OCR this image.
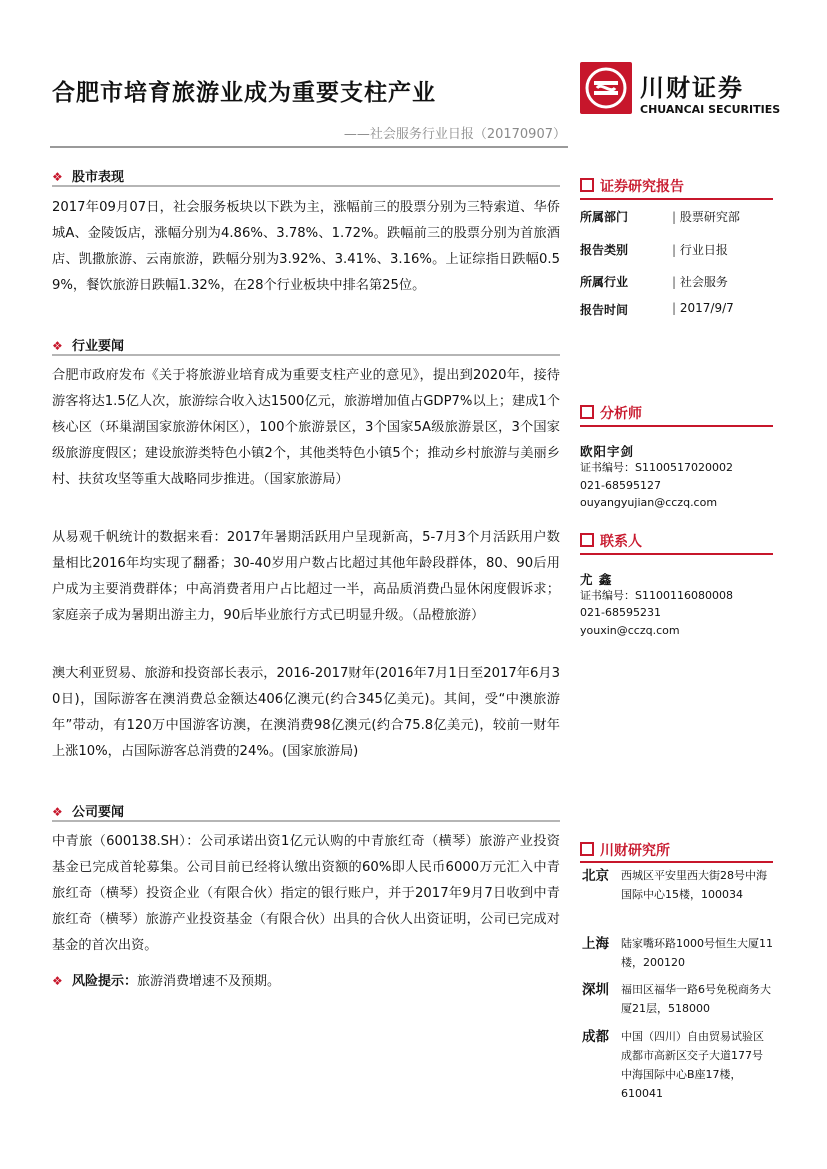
合肥市培育旅游业成为重要支柱产业
——社会服务行业日报（20170907）
川财证券
CHUANCAI SECURITIES
❖ 股市表现
2017年09月07日，社会服务板块以下跌为主，涨幅前三的股票分别为三特索道、华侨城A、金陵饭店，涨幅分别为4.86%、3.78%、1.72%。跌幅前三的股票分别为首旅酒店、凯撒旅游、云南旅游，跌幅分别为3.92%、3.41%、3.16%。上证综指日跌幅0.59%，餐饮旅游日跌幅1.32%，在28个行业板块中排名第25位。
❖ 行业要闻
合肥市政府发布《关于将旅游业培育成为重要支柱产业的意见》，提出到2020年，接待游客将达1.5亿人次，旅游综合收入达1500亿元，旅游增加值占GDP7%以上；建成1个核心区（环巢湖国家旅游休闲区），100个旅游景区，3个国家5A级旅游景区，3个国家级旅游度假区；建设旅游类特色小镇2个，其他类特色小镇5个；推动乡村旅游与美丽乡村、扶贫攻坚等重大战略同步推进。（国家旅游局）
从易观千帆统计的数据来看：2017年暑期活跃用户呈现新高，5-7月3个月活跃用户数量相比2016年均实现了翻番；30-40岁用户数占比超过其他年龄段群体，80、90后用户成为主要消费群体；中高消费者用户占比超过一半，高品质消费凸显休闲度假诉求；家庭亲子成为暑期出游主力，90后毕业旅行方式已明显升级。（品橙旅游）
澳大利亚贸易、旅游和投资部长表示，2016-2017财年(2016年7月1日至2017年6月30日)，国际游客在澳消费总金额达406亿澳元(约合345亿美元)。其间，受“中澳旅游年”带动，有120万中国游客访澳，在澳消费98亿澳元(约合75.8亿美元)，较前一财年上涨10%，占国际游客总消费的24%。(国家旅游局)
❖ 公司要闻
中青旅（600138.SH）：公司承诺出资1亿元认购的中青旅红奇（横琴）旅游产业投资基金已完成首轮募集。公司目前已经将认缴出资额的60%即人民币6000万元汇入中青旅红奇（横琴）投资企业（有限合伙）指定的银行账户，并于2017年9月7日收到中青旅红奇（横琴）旅游产业投资基金（有限合伙）出具的合伙人出资证明，公司已完成对基金的首次出资。
❖ 风险提示：旅游消费增速不及预期。
证券研究报告
所属部门	| 股票研究部
报告类别	| 行业日报
所属行业	| 社会服务
报告时间	| 2017/9/7
分析师
欧阳宇剑
证书编号：S1100517020002
021-68595127
ouyangyujian@cczq.com
联系人
尤 鑫
证书编号：S1100116080008
021-68595231
youxin@cczq.com
川财研究所
北京 西城区平安里西大街28号中海国际中心15楼，100034
上海 陆家嘴环路1000号恒生大厦11楼，200120
深圳 福田区福华一路6号免税商务大厦21层，518000
成都 中国（四川）自由贸易试验区成都市高新区交子大道177号中海国际中心B座17楼，610041
